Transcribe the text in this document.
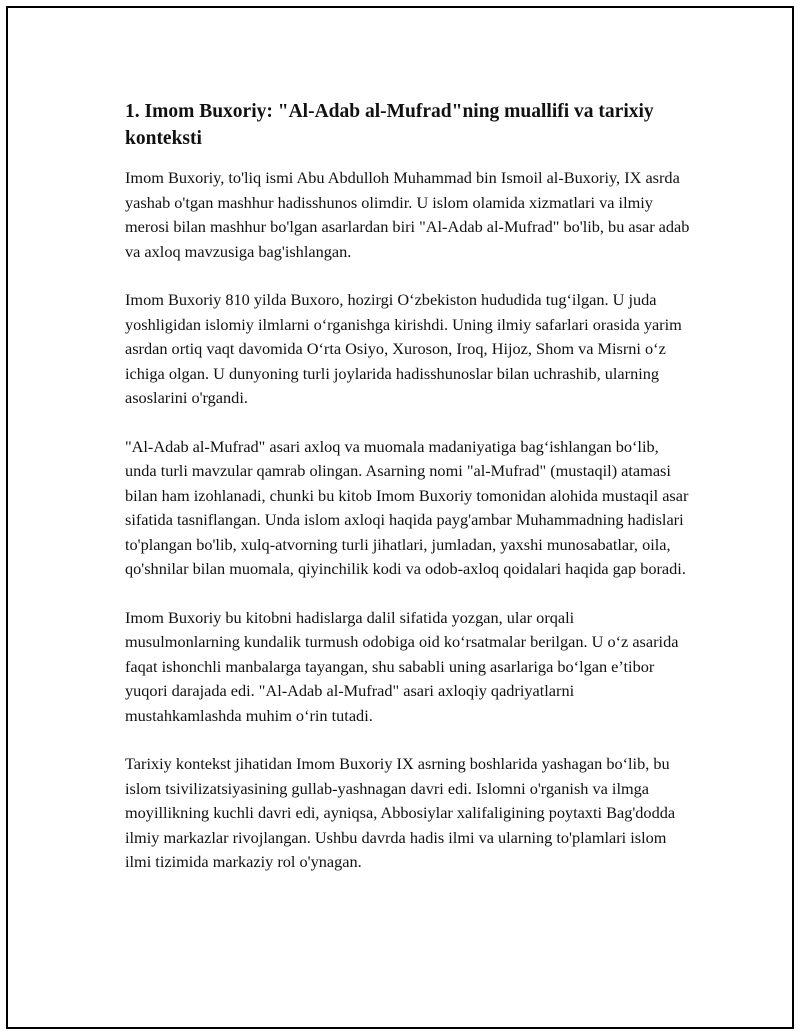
1. Imom Buxoriy: "Al-Adab al-Mufrad"ning muallifi va tarixiy konteksti

Imom Buxoriy, to'liq ismi Abu Abdulloh Muhammad bin Ismoil al-Buxoriy, IX asrda yashab o'tgan mashhur hadisshunos olimdir. U islom olamida xizmatlari va ilmiy merosi bilan mashhur bo'lgan asarlardan biri "Al-Adab al-Mufrad" bo'lib, bu asar adab va axloq mavzusiga bag'ishlangan.

Imom Buxoriy 810 yilda Buxoro, hozirgi O‘zbekiston hududida tug‘ilgan. U juda yoshligidan islomiy ilmlarni o‘rganishga kirishdi. Uning ilmiy safarlari orasida yarim asrdan ortiq vaqt davomida O‘rta Osiyo, Xuroson, Iroq, Hijoz, Shom va Misrni o‘z ichiga olgan. U dunyoning turli joylarida hadisshunoslar bilan uchrashib, ularning asoslarini o'rgandi.

"Al-Adab al-Mufrad" asari axloq va muomala madaniyatiga bag‘ishlangan bo‘lib, unda turli mavzular qamrab olingan. Asarning nomi "al-Mufrad" (mustaqil) atamasi bilan ham izohlanadi, chunki bu kitob Imom Buxoriy tomonidan alohida mustaqil asar sifatida tasniflangan. Unda islom axloqi haqida payg'ambar Muhammadning hadislari to'plangan bo'lib, xulq-atvorning turli jihatlari, jumladan, yaxshi munosabatlar, oila, qo'shnilar bilan muomala, qiyinchilik kodi va odob-axloq qoidalari haqida gap boradi.

Imom Buxoriy bu kitobni hadislarga dalil sifatida yozgan, ular orqali musulmonlarning kundalik turmush odobiga oid ko‘rsatmalar berilgan. U o‘z asarida faqat ishonchli manbalarga tayangan, shu sababli uning asarlariga bo‘lgan e’tibor yuqori darajada edi. "Al-Adab al-Mufrad" asari axloqiy qadriyatlarni mustahkamlashda muhim o‘rin tutadi.

Tarixiy kontekst jihatidan Imom Buxoriy IX asrning boshlarida yashagan bo‘lib, bu islom tsivilizatsiyasining gullab-yashnagan davri edi. Islomni o'rganish va ilmga moyillikning kuchli davri edi, ayniqsa, Abbosiylar xalifaligining poytaxti Bag'dodda ilmiy markazlar rivojlangan. Ushbu davrda hadis ilmi va ularning to'plamlari islom ilmi tizimida markaziy rol o'ynagan.
